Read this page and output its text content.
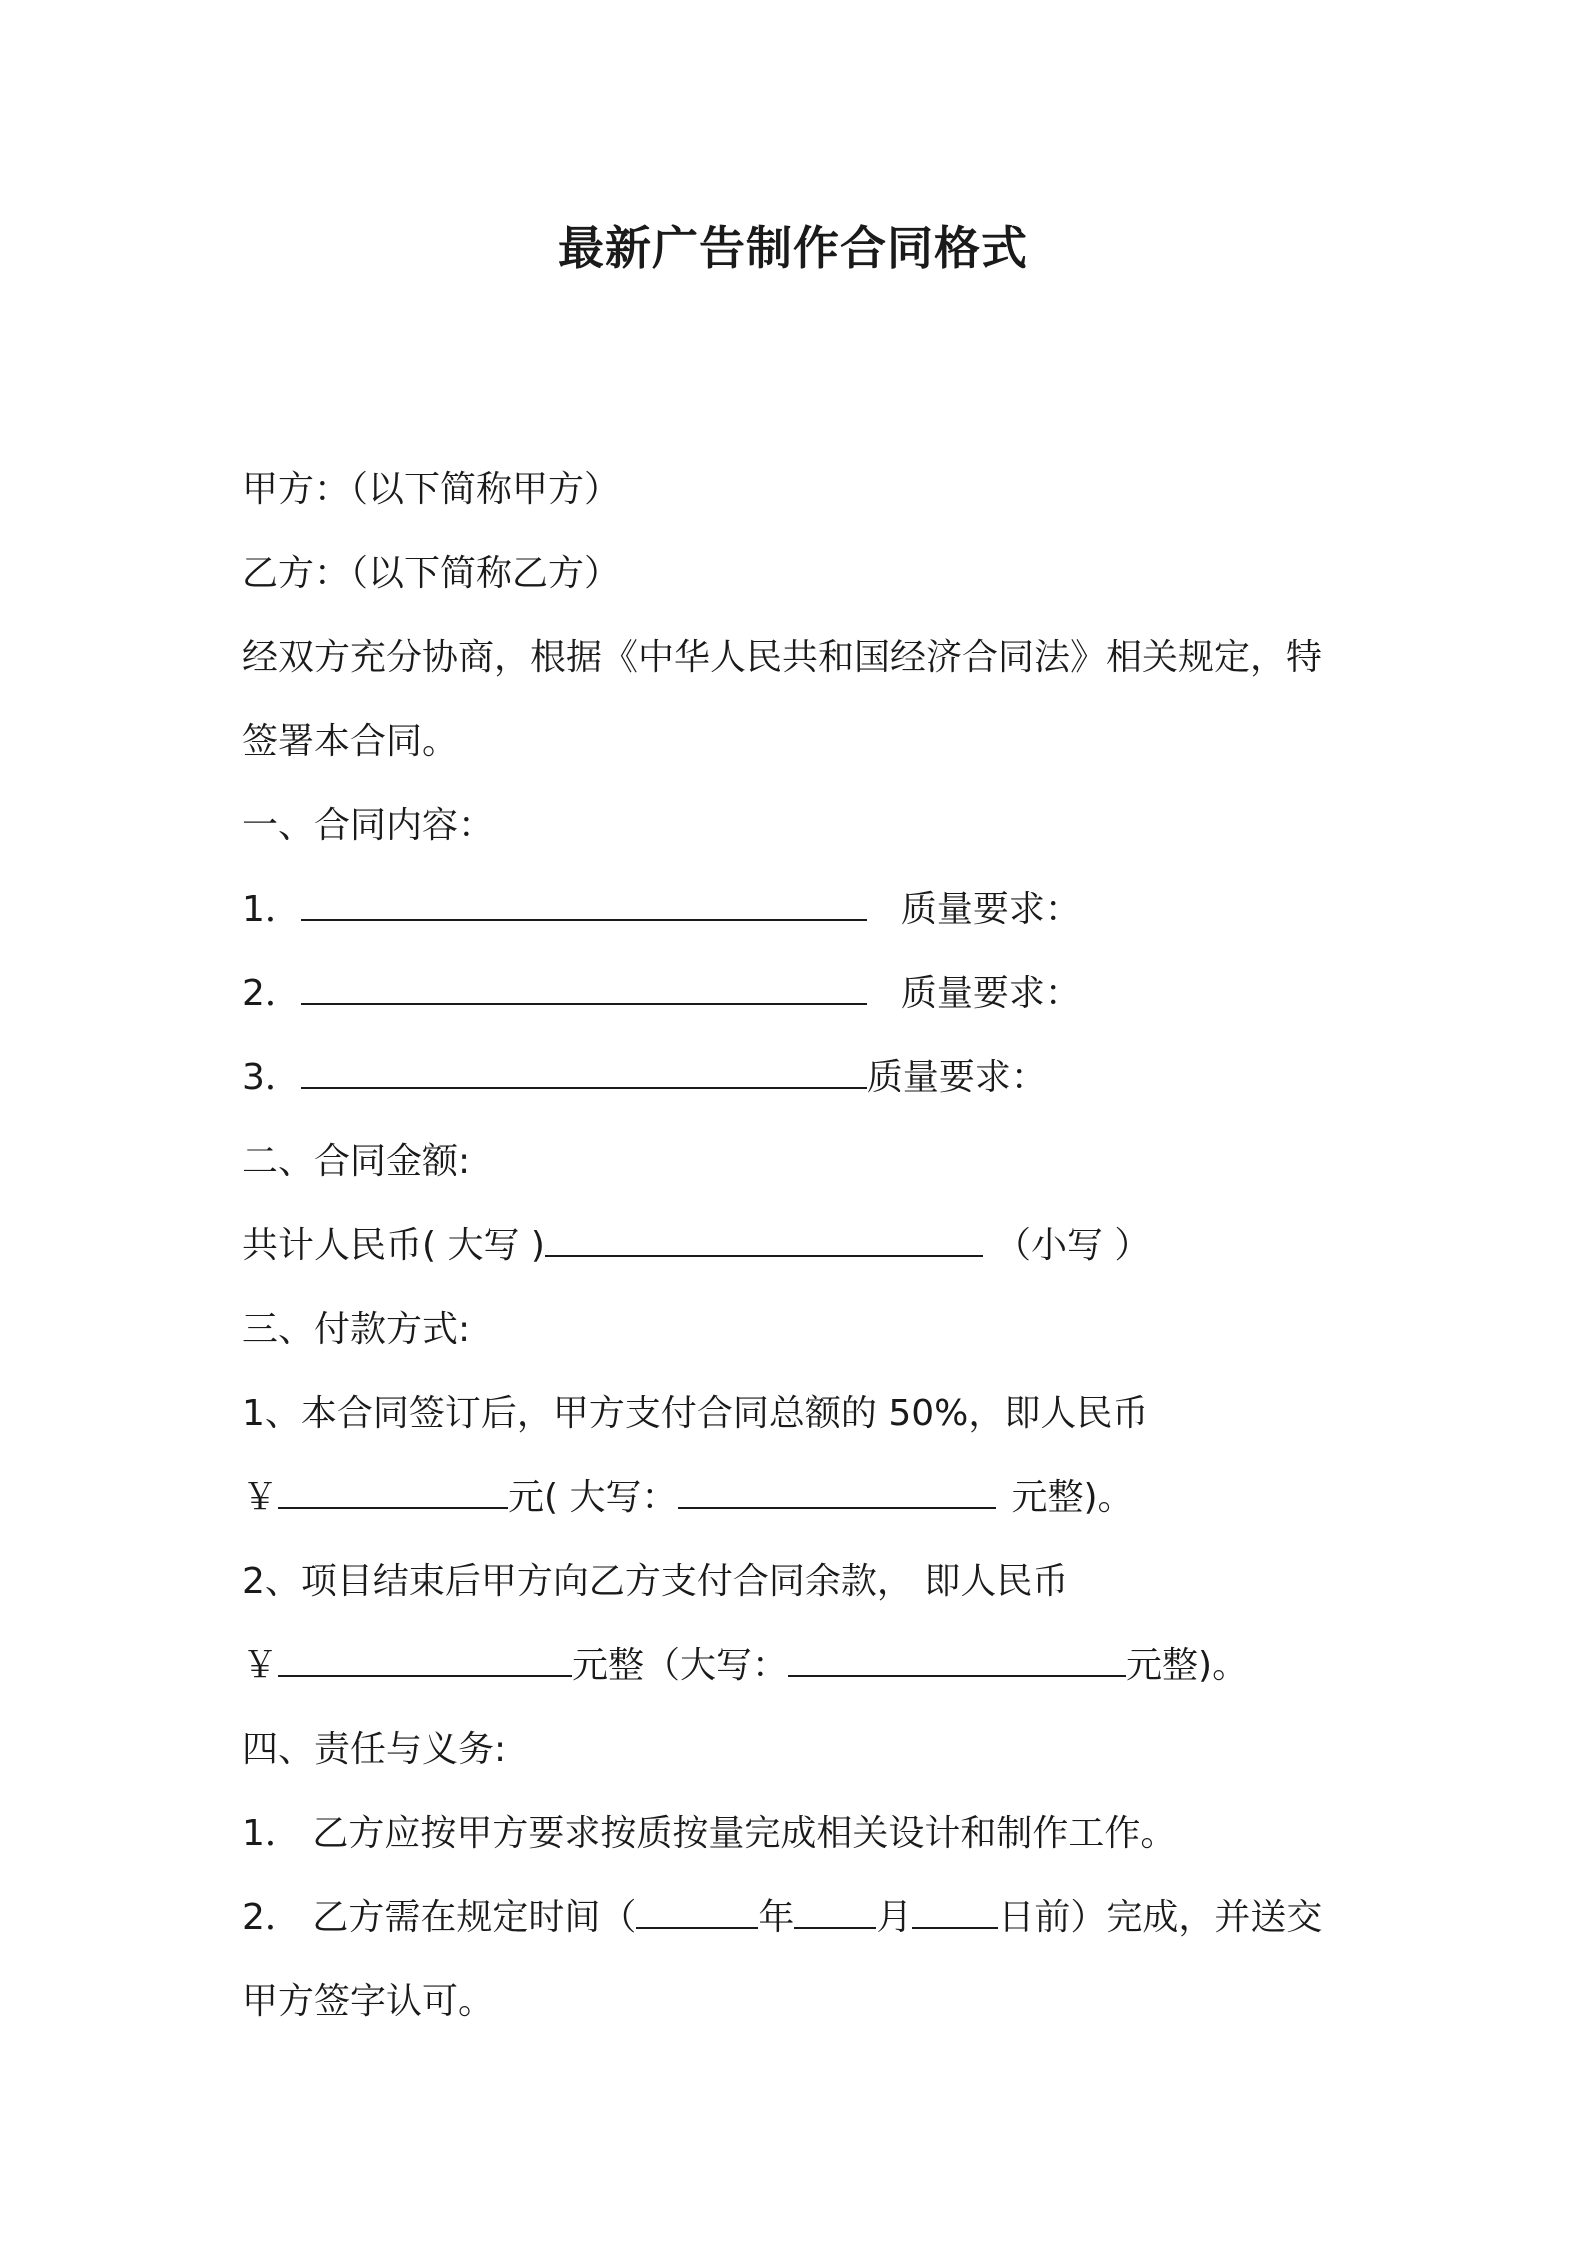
最新广告制作合同格式
甲方：（以下简称甲方）
乙方：（以下简称乙方）
经双方充分协商，根据《中华人民共和国经济合同法》相关规定，特
签署本合同。
一、合同内容：
1．	质量要求：
2．	质量要求：
3．	质量要求：
二、合同金额:
共计人民币( 大写 )	（小写 ）
三、付款方式:
1、本合同签订后，甲方支付合同总额的 50%，即人民币
￥	元( 大写：	元整)。
2、项目结束后甲方向乙方支付合同余款， 即人民币
￥	元整（大写：	元整)。
四、责任与义务:
1． 乙方应按甲方要求按质按量完成相关设计和制作工作。
2． 乙方需在规定时间（	年 月 日前）完成，并送交
甲方签字认可。
